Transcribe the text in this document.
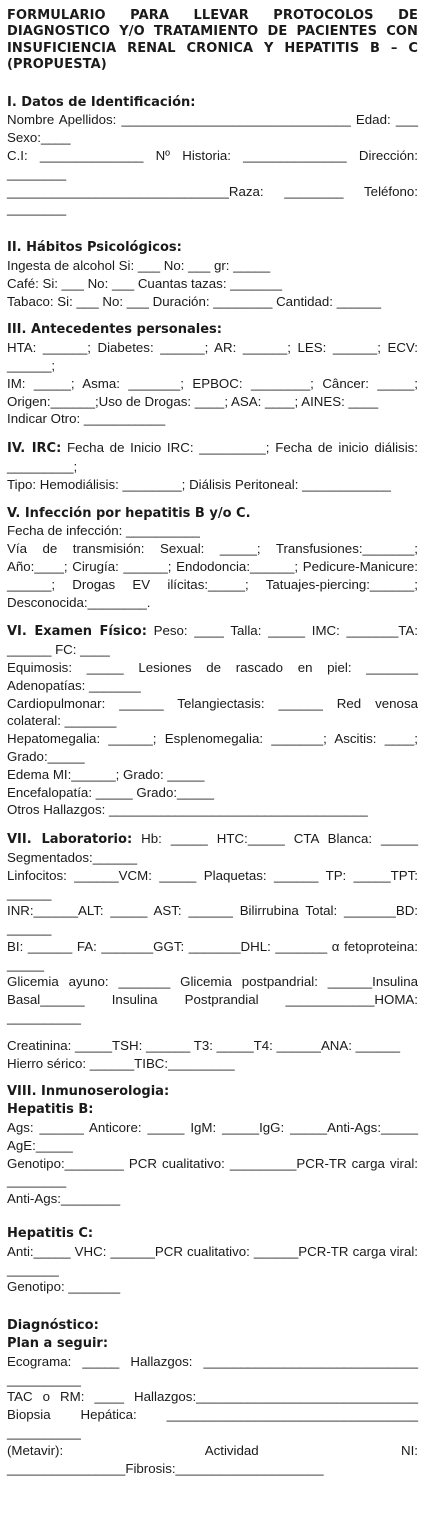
FORMULARIO PARA LLEVAR PROTOCOLOS DE DIAGNOSTICO Y/O TRATAMIENTO DE PACIENTES CON INSUFICIENCIA RENAL CRONICA Y HEPATITIS B – C (PROPUESTA)
I. Datos de Identificación:
Nombre Apellidos: _______________________________ Edad: ___ Sexo:____
C.I: ______________ Nº Historia: ______________ Dirección: ________
______________________________Raza: ________ Teléfono: ________
II. Hábitos Psicológicos:
Ingesta de alcohol Si: ___ No: ___ gr: _____
Café: Si: ___ No: ___ Cuantas tazas: _______
Tabaco: Si: ___ No: ___ Duración: ________ Cantidad: ______
III. Antecedentes personales:
HTA: ______; Diabetes: ______; AR: ______; LES: ______; ECV: ______;
IM: _____; Asma: _______; EPBOC: ________; Câncer: _____; Origen:______;Uso de Drogas: ____; ASA: ____; AINES: ____
Indicar Otro: ___________
IV. IRC: Fecha de Inicio IRC: _________; Fecha de inicio diálisis: _________;
Tipo: Hemodiálisis: ________; Diálisis Peritoneal: ____________
V. Infección por hepatitis B y/o C.
Fecha de infección: __________
Vía de transmisión: Sexual: _____; Transfusiones:_______; Año:____; Cirugía: ______; Endodoncia:______; Pedicure-Manicure: ______; Drogas EV ilícitas:_____; Tatuajes-piercing:______; Desconocida:________.
VI. Examen Físico: Peso: ____ Talla: _____ IMC: _______TA: ______ FC: ____
Equimosis: _____ Lesiones de rascado en piel: _______ Adenopatías: _______
Cardiopulmonar: ______ Telangiectasis: ______ Red venosa colateral: _______
Hepatomegalia: ______; Esplenomegalia: _______; Ascitis: ____; Grado:_____
Edema MI:______; Grado: _____
Encefalopatía: _____ Grado:_____
Otros Hallazgos: ___________________________________
VII. Laboratorio: Hb: _____ HTC:_____ CTA Blanca: _____ Segmentados:______
Linfocitos: ______VCM: _____ Plaquetas: ______ TP: _____TPT: ______
INR:______ALT: _____ AST: ______ Bilirrubina Total: _______BD: ______
BI: ______ FA: _______GGT: _______DHL: _______ α fetoproteina: _____
Glicemia ayuno: _______ Glicemia postpandrial: ______Insulina Basal______ Insulina Postprandial ____________HOMA: __________
Creatinina: _____TSH: ______ T3: _____T4: ______ANA: ______
Hierro sérico: ______TIBC:_________
VIII. Inmunoserologia:
Hepatitis B:
Ags: ______ Anticore: _____ IgM: _____IgG: _____Anti-Ags:_____ AgE:_____
Genotipo:________ PCR cualitativo: _________PCR-TR carga viral: ________
Anti-Ags:________
Hepatitis C:
Anti:_____ VHC: ______PCR cualitativo: ______PCR-TR carga viral: _______
Genotipo: _______
Diagnóstico:
Plan a seguir:
Ecograma: _____ Hallazgos: _____________________________ __________
TAC o RM: ____ Hallazgos:______________________________
Biopsia Hepática: __________________________________ __________
(Metavir): Actividad NI: ________________Fibrosis:____________________
